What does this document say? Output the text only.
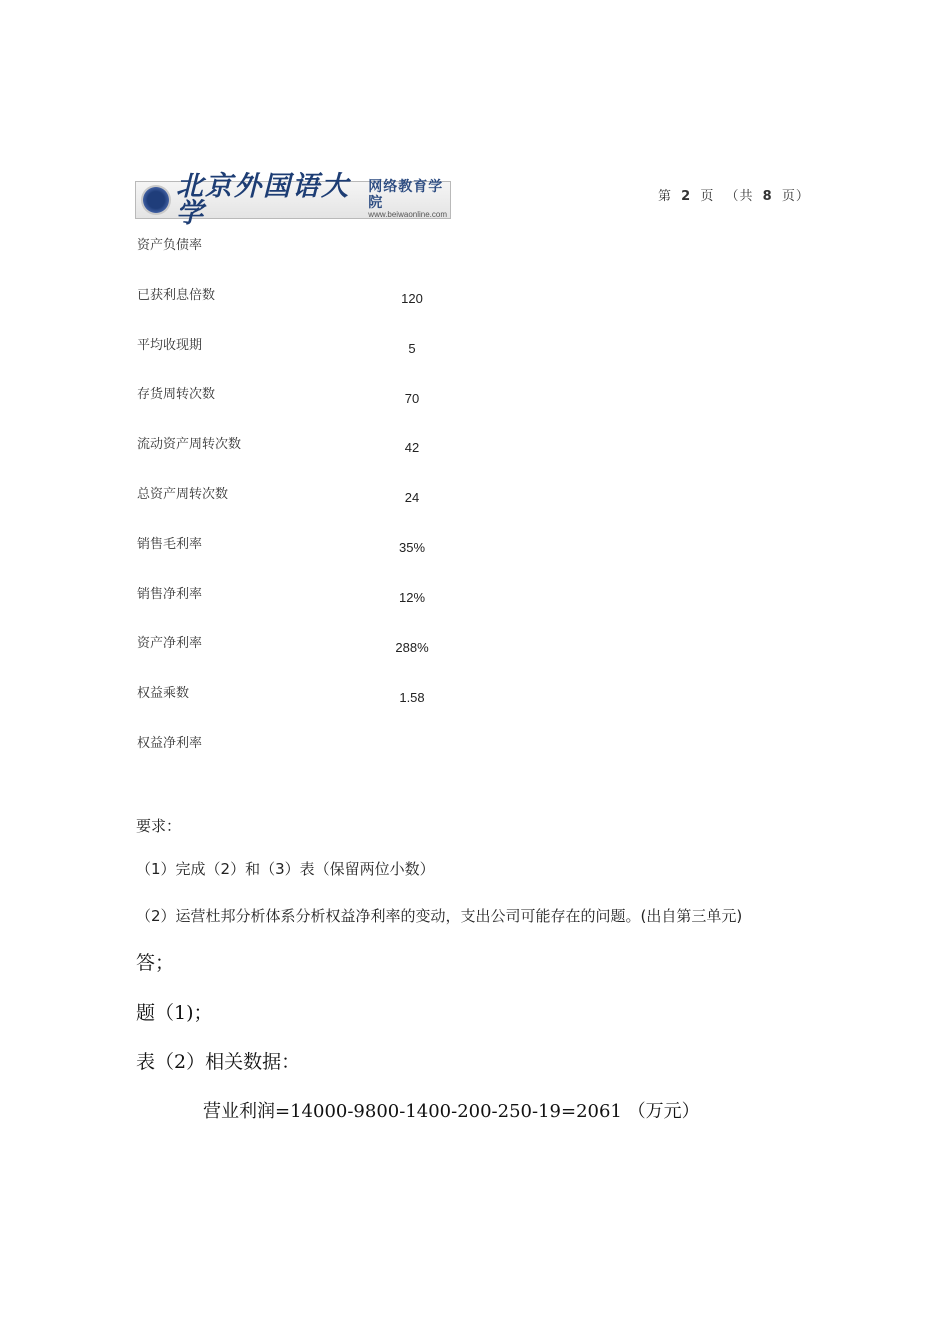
北京外国语大学
网络教育学院
www.beiwaonline.com
第 2 页 （共 8 页）
资产负债率
已获利息倍数	120
平均收现期	5
存货周转次数	70
流动资产周转次数	42
总资产周转次数	24
销售毛利率	35%
销售净利率	12%
资产净利率	288%
权益乘数	1.58
权益净利率
要求：
（1）完成（2）和（3）表（保留两位小数）
（2）运营杜邦分析体系分析权益净利率的变动，支出公司可能存在的问题。(出自第三单元)
答；
题（1)；
表（2）相关数据：
营业利润=14000-9800-1400-200-250-19=2061 （万元）
